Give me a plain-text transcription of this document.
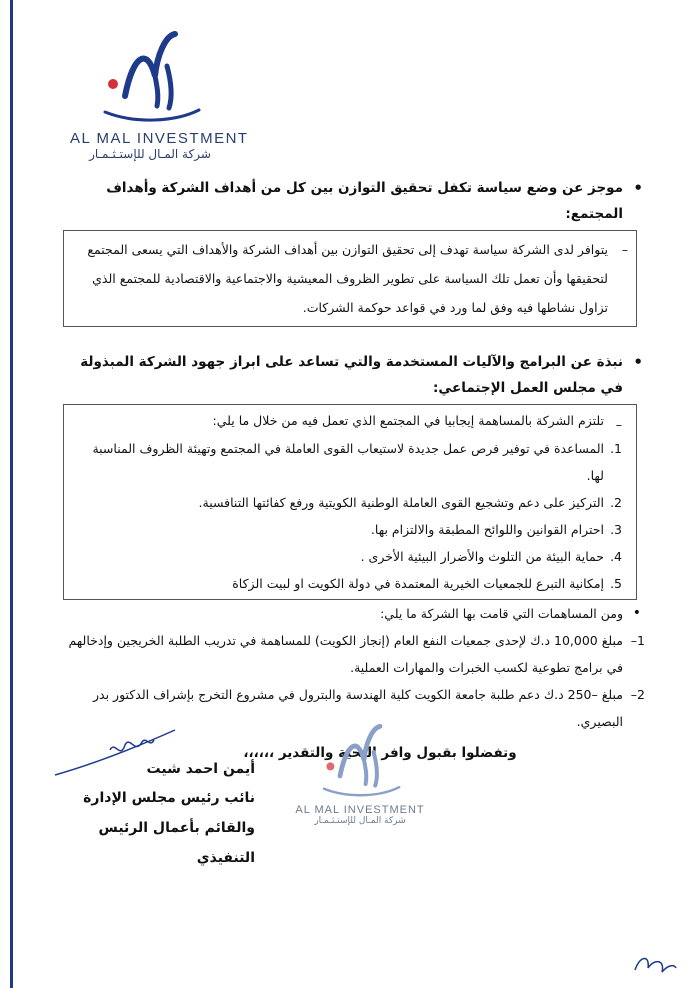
AL MAL INVESTMENT
شركة المـال للإستـثـمـار
• موجز عن وضع سياسة تكفل تحقيق التوازن بين كل من أهداف الشركة وأهداف المجتمع:
–
يتوافر لدى الشركة سياسة تهدف إلى تحقيق التوازن بين أهداف الشركة والأهداف التي يسعى المجتمع لتحقيقها وأن تعمل تلك السياسة على تطوير الظروف المعيشية والاجتماعية والاقتصادية للمجتمع الذي تزاول نشاطها فيه وفق لما ورد في قواعد حوكمة الشركات.
• نبذة عن البرامج والآليات المستخدمة والتي تساعد على ابراز جهود الشركة المبذولة في مجلس العمل الإجتماعي:
–
تلتزم الشركة بالمساهمة إيجابيا في المجتمع الذي تعمل فيه من خلال ما يلي:
1.
المساعدة في توفير فرص عمل جديدة لاستيعاب القوى العاملة في المجتمع وتهيئة الظروف المناسبة لها.
2.
التركيز على دعم وتشجيع القوى العاملة الوطنية الكويتية ورفع كفائتها التنافسية.
3.
احترام القوانين واللوائح المطبقة والالتزام بها.
4.
حماية البيئة من التلوث والأضرار البيئية الأخرى .
5.
إمكانية التبرع للجمعيات الخيرية المعتمدة في دولة الكويت او لبيت الزكاة
• ومن المساهمات التي قامت بها الشركة ما يلي:
1–
مبلغ 10,000 د.ك لإحدى جمعيات النفع العام (إنجاز الكويت) للمساهمة في تدريب الطلبة الخريجين وإدخالهم في برامج تطوعية لكسب الخبرات والمهارات العملية.
2–
مبلغ –250 د.ك دعم طلبة جامعة الكويت كلية الهندسة والبترول في مشروع التخرج بإشراف الدكتور بدر البصيري.
وتفضلوا بقبول وافر التحية والتقدير ،،،،،،
أيمن احمد شيت
نائب رئيس مجلس الإدارة
والقائم بأعمال الرئيس التنفيذي
AL MAL INVESTMENT
شركة المـال للإستـثـمـار
